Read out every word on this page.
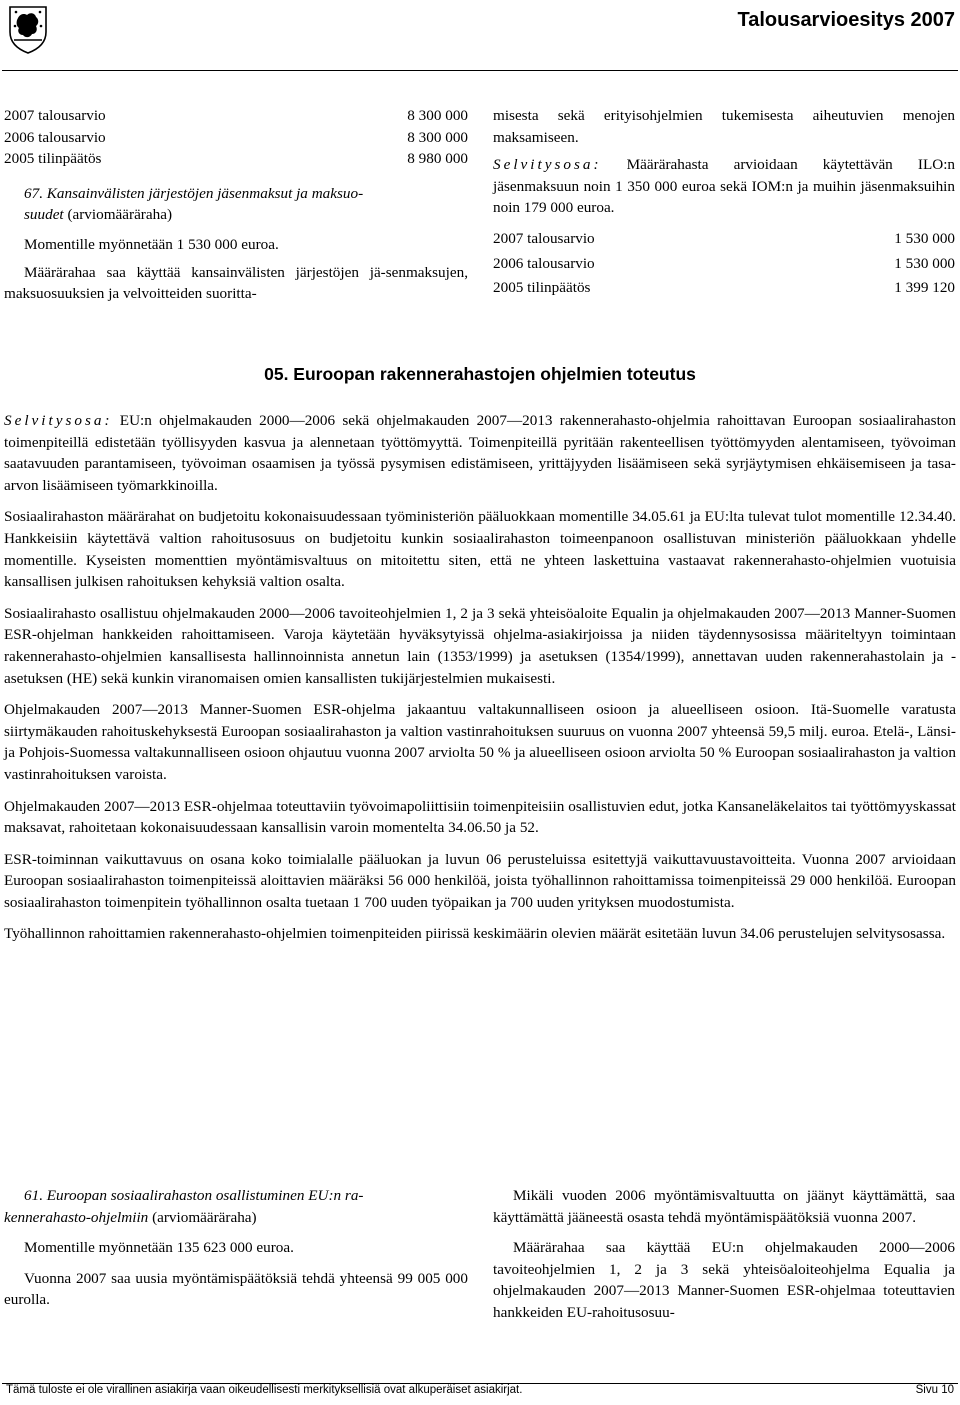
Talousarvioesitys 2007
2007 talousarvio	8 300 000
2006 talousarvio	8 300 000
2005 tilinpäätös	8 980 000
67. Kansainvälisten järjestöjen jäsenmaksut ja maksuo-
suudet (arviomääräraha)

Momentille myönnetään 1 530 000 euroa.

Määrärahaa saa käyttää kansainvälisten järjestöjen jä-senmaksujen, maksuosuuksien ja velvoitteiden suoritta-

misesta sekä erityisohjelmien tukemisesta aiheutuvien menojen maksamiseen.

Selvitysosa: Määrärahasta arvioidaan käytettävän ILO:n jäsenmaksuun noin 1 350 000 euroa sekä IOM:n ja muihin jäsenmaksuihin noin 179 000 euroa.

2007 talousarvio	1 530 000
2006 talousarvio	1 530 000
2005 tilinpäätös	1 399 120
05. Euroopan rakennerahastojen ohjelmien toteutus

Selvitysosa: EU:n ohjelmakauden 2000—2006 sekä ohjelmakauden 2007—2013 rakennerahasto-ohjelmia rahoittavan Euroopan sosiaalirahaston toimenpiteillä edistetään työllisyyden kasvua ja alennetaan työttömyyttä. Toimenpiteillä pyritään rakenteellisen työttömyyden alentamiseen, työvoiman saatavuuden parantamiseen, työvoiman osaamisen ja työssä pysymisen edistämiseen, yrittäjyyden lisäämiseen sekä syrjäytymisen ehkäisemiseen ja tasa-arvon lisäämiseen työmarkkinoilla.

Sosiaalirahaston määrärahat on budjetoitu kokonaisuudessaan työministeriön pääluokkaan momentille 34.05.61 ja EU:lta tulevat tulot momentille 12.34.40. Hankkeisiin käytettävä valtion rahoitusosuus on budjetoitu kunkin sosiaalirahaston toimeenpanoon osallistuvan ministeriön pääluokkaan yhdelle momentille. Kyseisten momenttien myöntämisvaltuus on mitoitettu siten, että ne yhteen laskettuina vastaavat rakennerahasto-ohjelmien vuotuisia kansallisen julkisen rahoituksen kehyksiä valtion osalta.

Sosiaalirahasto osallistuu ohjelmakauden 2000—2006 tavoiteohjelmien 1, 2 ja 3 sekä yhteisöaloite Equalin ja ohjelmakauden 2007—2013 Manner-Suomen ESR-ohjelman hankkeiden rahoittamiseen. Varoja käytetään hyväksytyissä ohjelma-asiakirjoissa ja niiden täydennysosissa määriteltyyn toimintaan rakennerahasto-ohjelmien kansallisesta hallinnoinnista annetun lain (1353/1999) ja asetuksen (1354/1999), annettavan uuden rakennerahastolain ja -asetuksen (HE) sekä kunkin viranomaisen omien kansallisten tukijärjestelmien mukaisesti.

Ohjelmakauden 2007—2013 Manner-Suomen ESR-ohjelma jakaantuu valtakunnalliseen osioon ja alueelliseen osioon. Itä-Suomelle varatusta siirtymäkauden rahoituskehyksestä Euroopan sosiaalirahaston ja valtion vastinrahoituksen suuruus on vuonna 2007 yhteensä 59,5 milj. euroa. Etelä-, Länsi- ja Pohjois-Suomessa valtakunnalliseen osioon ohjautuu vuonna 2007 arviolta 50 % ja alueelliseen osioon arviolta 50 % Euroopan sosiaalirahaston ja valtion vastinrahoituksen varoista.

Ohjelmakauden 2007—2013 ESR-ohjelmaa toteuttaviin työvoimapoliittisiin toimenpiteisiin osallistuvien edut, jotka Kansaneläkelaitos tai työttömyyskassat maksavat, rahoitetaan kokonaisuudessaan kansallisin varoin momentelta 34.06.50 ja 52.

ESR-toiminnan vaikuttavuus on osana koko toimialalle pääluokan ja luvun 06 perusteluissa esitettyjä vaikuttavuustavoitteita. Vuonna 2007 arvioidaan Euroopan sosiaalirahaston toimenpiteissä aloittavien määräksi 56 000 henkilöä, joista työhallinnon rahoittamissa toimenpiteissä 29 000 henkilöä. Euroopan sosiaalirahaston toimenpitein työhallinnon osalta tuetaan 1 700 uuden työpaikan ja 700 uuden yrityksen muodostumista.

Työhallinnon rahoittamien rakennerahasto-ohjelmien toimenpiteiden piirissä keskimäärin olevien määrät esitetään luvun 34.06 perustelujen selvitysosassa.

61. Euroopan sosiaalirahaston osallistuminen EU:n ra-
kennerahasto-ohjelmiin (arviomääräraha)

Momentille myönnetään 135 623 000 euroa.

Vuonna 2007 saa uusia myöntämispäätöksiä tehdä yhteensä 99 005 000 eurolla.

Mikäli vuoden 2006 myöntämisvaltuutta on jäänyt käyttämättä, saa käyttämättä jääneestä osasta tehdä myöntämispäätöksiä vuonna 2007.

Määrärahaa saa käyttää EU:n ohjelmakauden 2000—2006 tavoiteohjelmien 1, 2 ja 3 sekä yhteisöaloiteohjelma Equalia ja ohjelmakauden 2007—2013 Manner-Suomen ESR-ohjelmaa toteuttavien hankkeiden EU-rahoitusosuu-

Tämä tuloste ei ole virallinen asiakirja vaan oikeudellisesti merkityksellisiä ovat alkuperäiset asiakirjat.	Sivu 10
